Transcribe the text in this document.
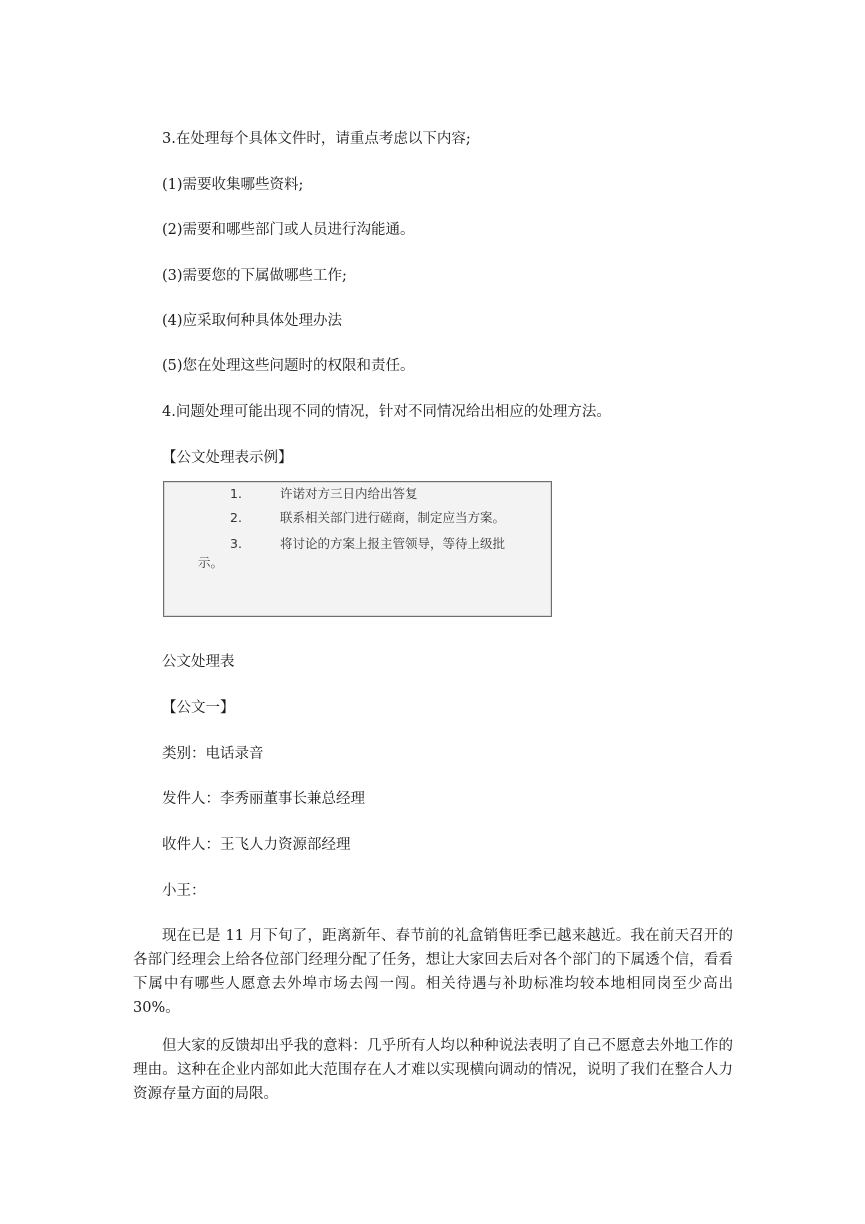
3.在处理每个具体文件时，请重点考虑以下内容;

(1)需要收集哪些资料;

(2)需要和哪些部门或人员进行沟能通。

(3)需要您的下属做哪些工作;

(4)应采取何种具体处理办法

(5)您在处理这些问题时的权限和责任。

4.问题处理可能出现不同的情况，针对不同情况给出相应的处理方法。

【公文处理表示例】

1.	许诺对方三日内给出答复
2.	联系相关部门进行磋商，制定应当方案。
3.	将讨论的方案上报主管领导，等待上级批
示。

公文处理表

【公文一】

类别：电话录音

发件人：李秀丽董事长兼总经理

收件人：王飞人力资源部经理

小王：

现在已是 11 月下旬了，距离新年、春节前的礼盒销售旺季已越来越近。我在前天召开的各部门经理会上给各位部门经理分配了任务，想让大家回去后对各个部门的下属透个信，看看下属中有哪些人愿意去外埠市场去闯一闯。相关待遇与补助标准均较本地相同岗至少高出 30%。

但大家的反馈却出乎我的意料：几乎所有人均以种种说法表明了自己不愿意去外地工作的理由。这种在企业内部如此大范围存在人才难以实现横向调动的情况，说明了我们在整合人力资源存量方面的局限。
